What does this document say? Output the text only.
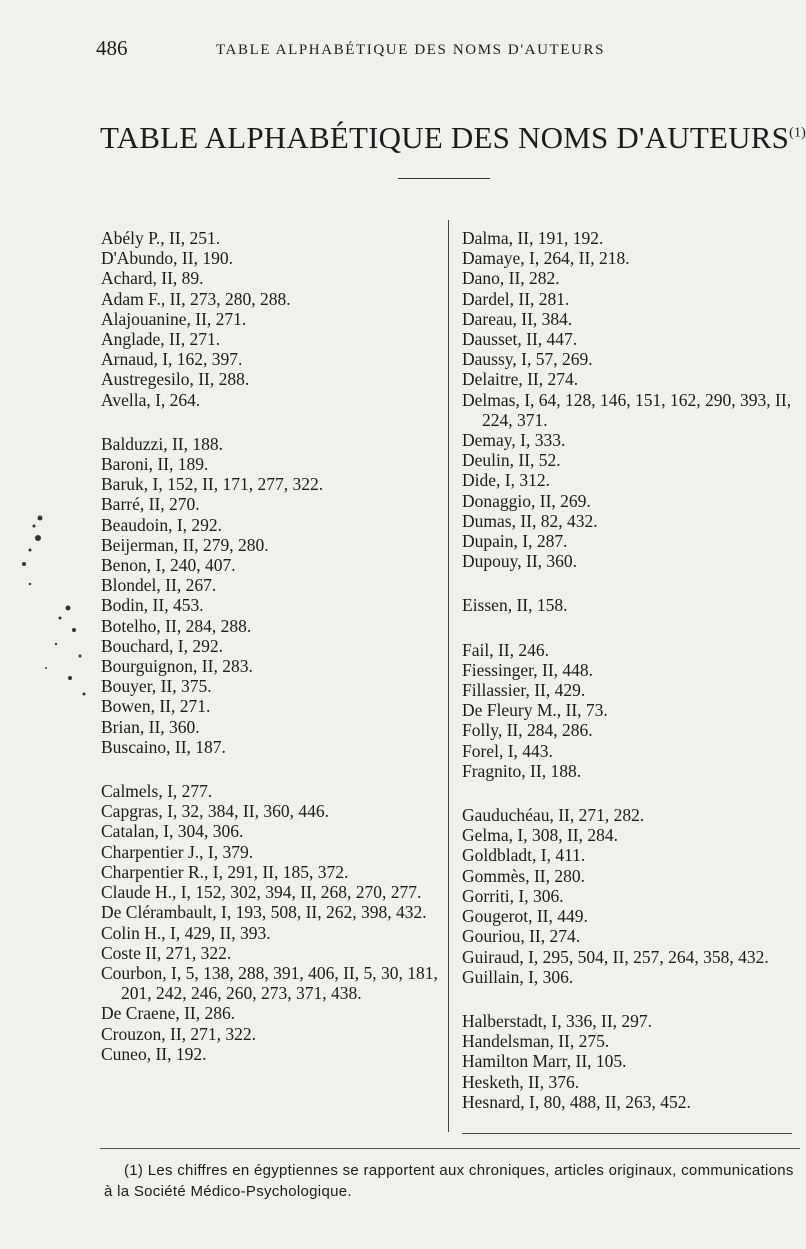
486	TABLE ALPHABÉTIQUE DES NOMS D'AUTEURS
TABLE ALPHABÉTIQUE DES NOMS D'AUTEURS$^{(1)}$
Abély P., II, 251.
D'Abundo, II, 190.
Achard, II, 89.
Adam F., II, 273, 280, 288.
Alajouanine, II, 271.
Anglade, II, 271.
Arnaud, I, 162, 397.
Austregesilo, II, 288.
Avella, I, 264.
Balduzzi, II, 188.
Baroni, II, 189.
Baruk, I, 152, II, 171, 277, 322.
Barré, II, 270.
Beaudoin, I, 292.
Beijerman, II, 279, 280.
Benon, I, 240, 407.
Blondel, II, 267.
Bodin, II, 453.
Botelho, II, 284, 288.
Bouchard, I, 292.
Bourguignon, II, 283.
Bouyer, II, 375.
Bowen, II, 271.
Brian, II, 360.
Buscaino, II, 187.
Calmels, I, 277.
Capgras, I, 32, 384, II, 360, 446.
Catalan, I, 304, 306.
Charpentier J., I, 379.
Charpentier R., I, 291, II, 185, 372.
Claude H., I, 152, 302, 394, II, 268, 270, 277.
De Clérambault, I, 193, 508, II, 262, 398, 432.
Colin H., I, 429, II, 393.
Coste II, 271, 322.
Courbon, I, 5, 138, 288, 391, 406, II, 5, 30, 181, 201, 242, 246, 260, 273, 371, 438.
De Craene, II, 286.
Crouzon, II, 271, 322.
Cuneo, II, 192.
Dalma, II, 191, 192.
Damaye, I, 264, II, 218.
Dano, II, 282.
Dardel, II, 281.
Dareau, II, 384.
Dausset, II, 447.
Daussy, I, 57, 269.
Delaitre, II, 274.
Delmas, I, 64, 128, 146, 151, 162, 290, 393, II, 224, 371.
Demay, I, 333.
Deulin, II, 52.
Dide, I, 312.
Donaggio, II, 269.
Dumas, II, 82, 432.
Dupain, I, 287.
Dupouy, II, 360.
Eissen, II, 158.
Fail, II, 246.
Fiessinger, II, 448.
Fillassier, II, 429.
De Fleury M., II, 73.
Folly, II, 284, 286.
Forel, I, 443.
Fragnito, II, 188.
Gauduchéau, II, 271, 282.
Gelma, I, 308, II, 284.
Goldbladt, I, 411.
Gommès, II, 280.
Gorriti, I, 306.
Gougerot, II, 449.
Gouriou, II, 274.
Guiraud, I, 295, 504, II, 257, 264, 358, 432.
Guillain, I, 306.
Halberstadt, I, 336, II, 297.
Handelsman, II, 275.
Hamilton Marr, II, 105.
Hesketh, II, 376.
Hesnard, I, 80, 488, II, 263, 452.
(1) Les chiffres en égyptiennes se rapportent aux chroniques, articles originaux, communications à la Société Médico-Psychologique.
